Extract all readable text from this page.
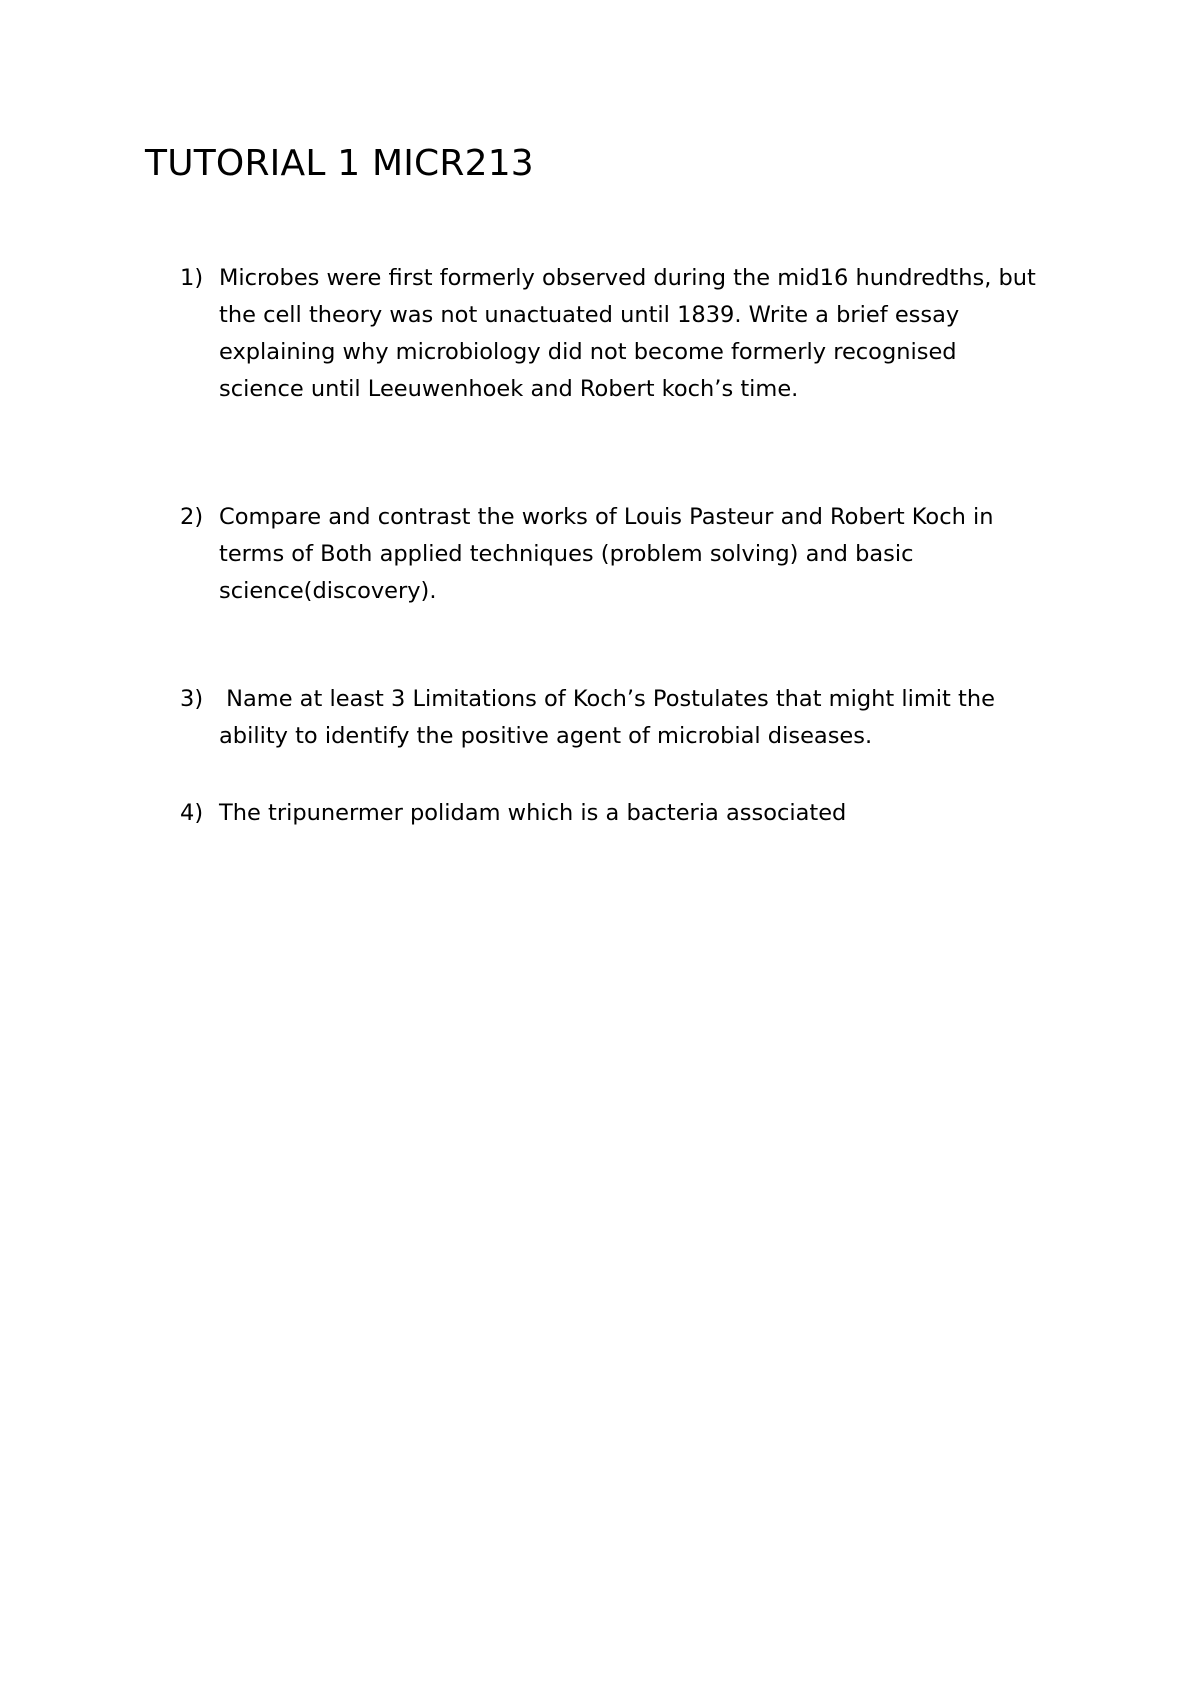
TUTORIAL 1 MICR213
1) Microbes were first formerly observed during the mid16 hundredths, but
the cell theory was not unactuated until 1839. Write a brief essay
explaining why microbiology did not become formerly recognised
science until Leeuwenhoek and Robert koch’s time.
2) Compare and contrast the works of Louis Pasteur and Robert Koch in
terms of Both applied techniques (problem solving) and basic
science(discovery).
3) Name at least 3 Limitations of Koch’s Postulates that might limit the
ability to identify the positive agent of microbial diseases.
4) The tripunermer polidam which is a bacteria associated
